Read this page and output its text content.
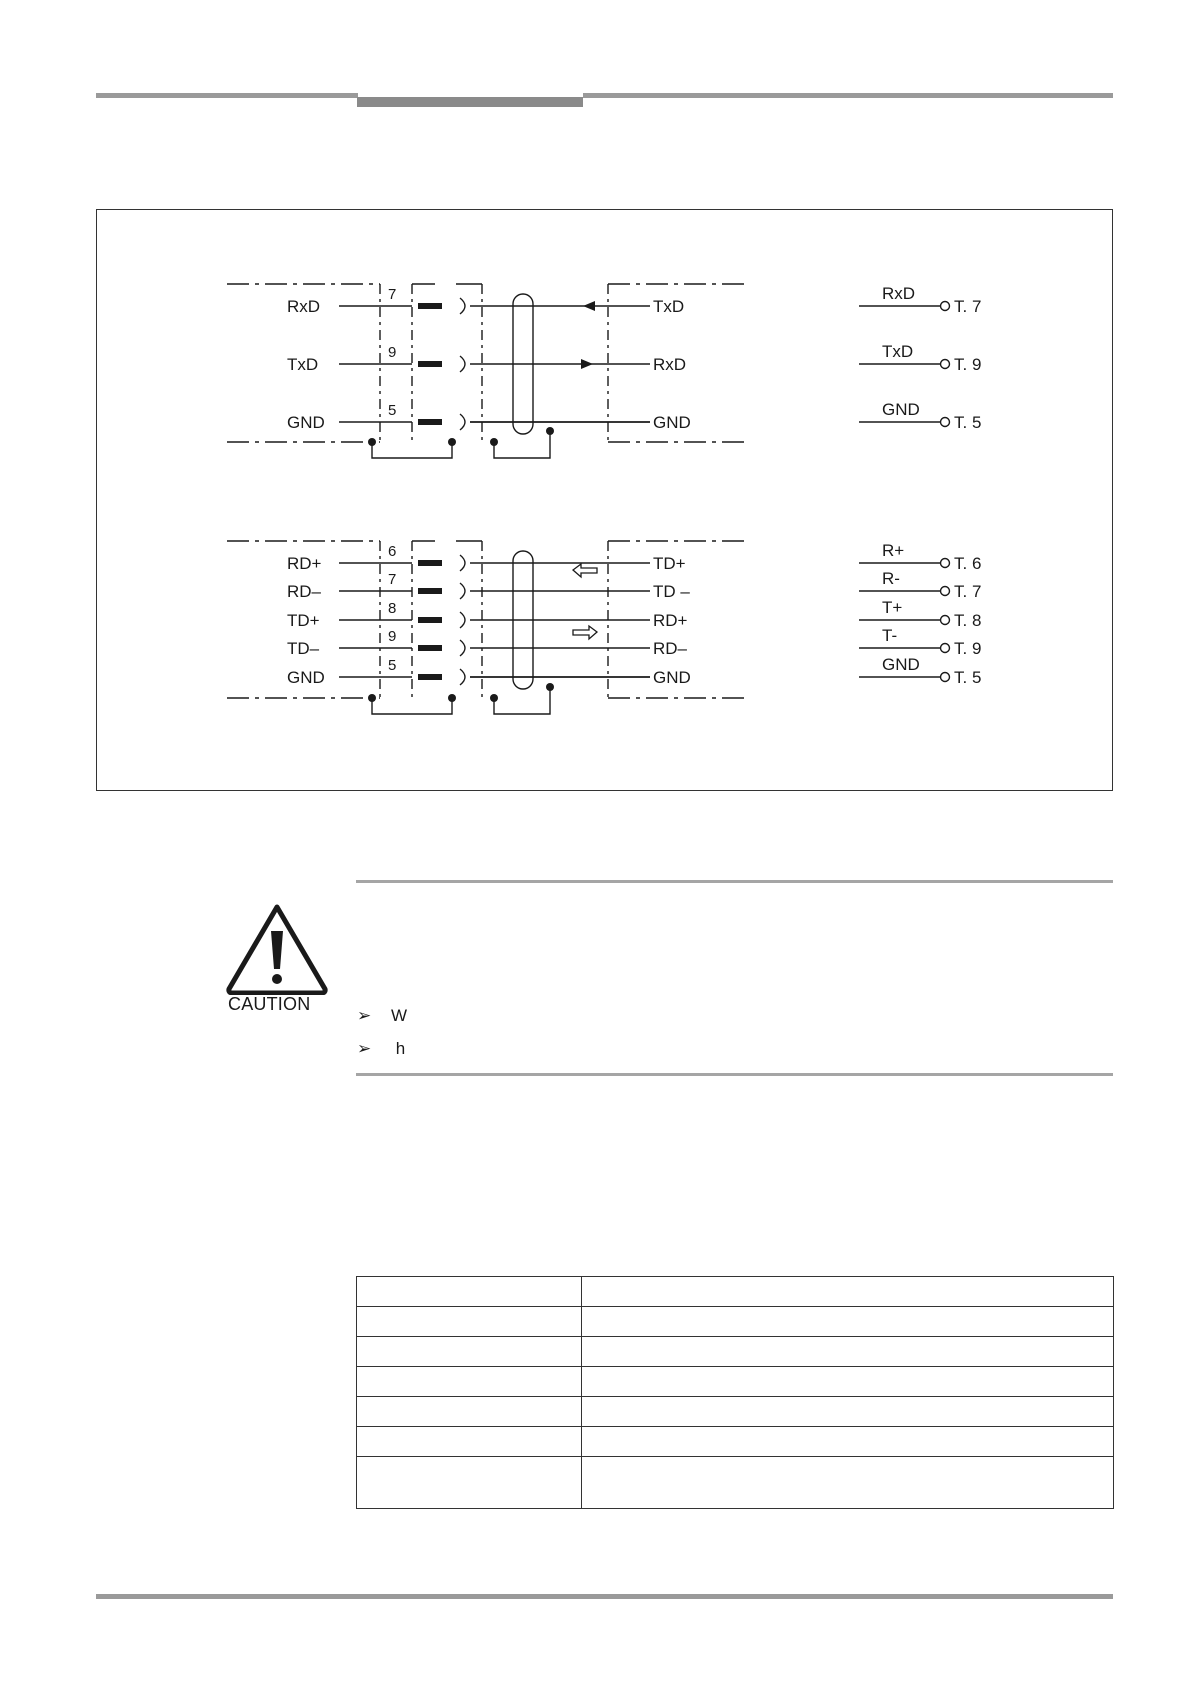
RxD
7
TxD
TxD
9
RxD
GND
5
GND
RxD
T. 7
TxD
T. 9
GND
T. 5
RD+
6
TD+
RD–
7
TD –
TD+
8
RD+
TD–
9
RD–
GND
5
GND
R+
T. 6
R-
T. 7
T+
T. 8
T-
T. 9
GND
T. 5
CAUTION
➢ W
➢ h
